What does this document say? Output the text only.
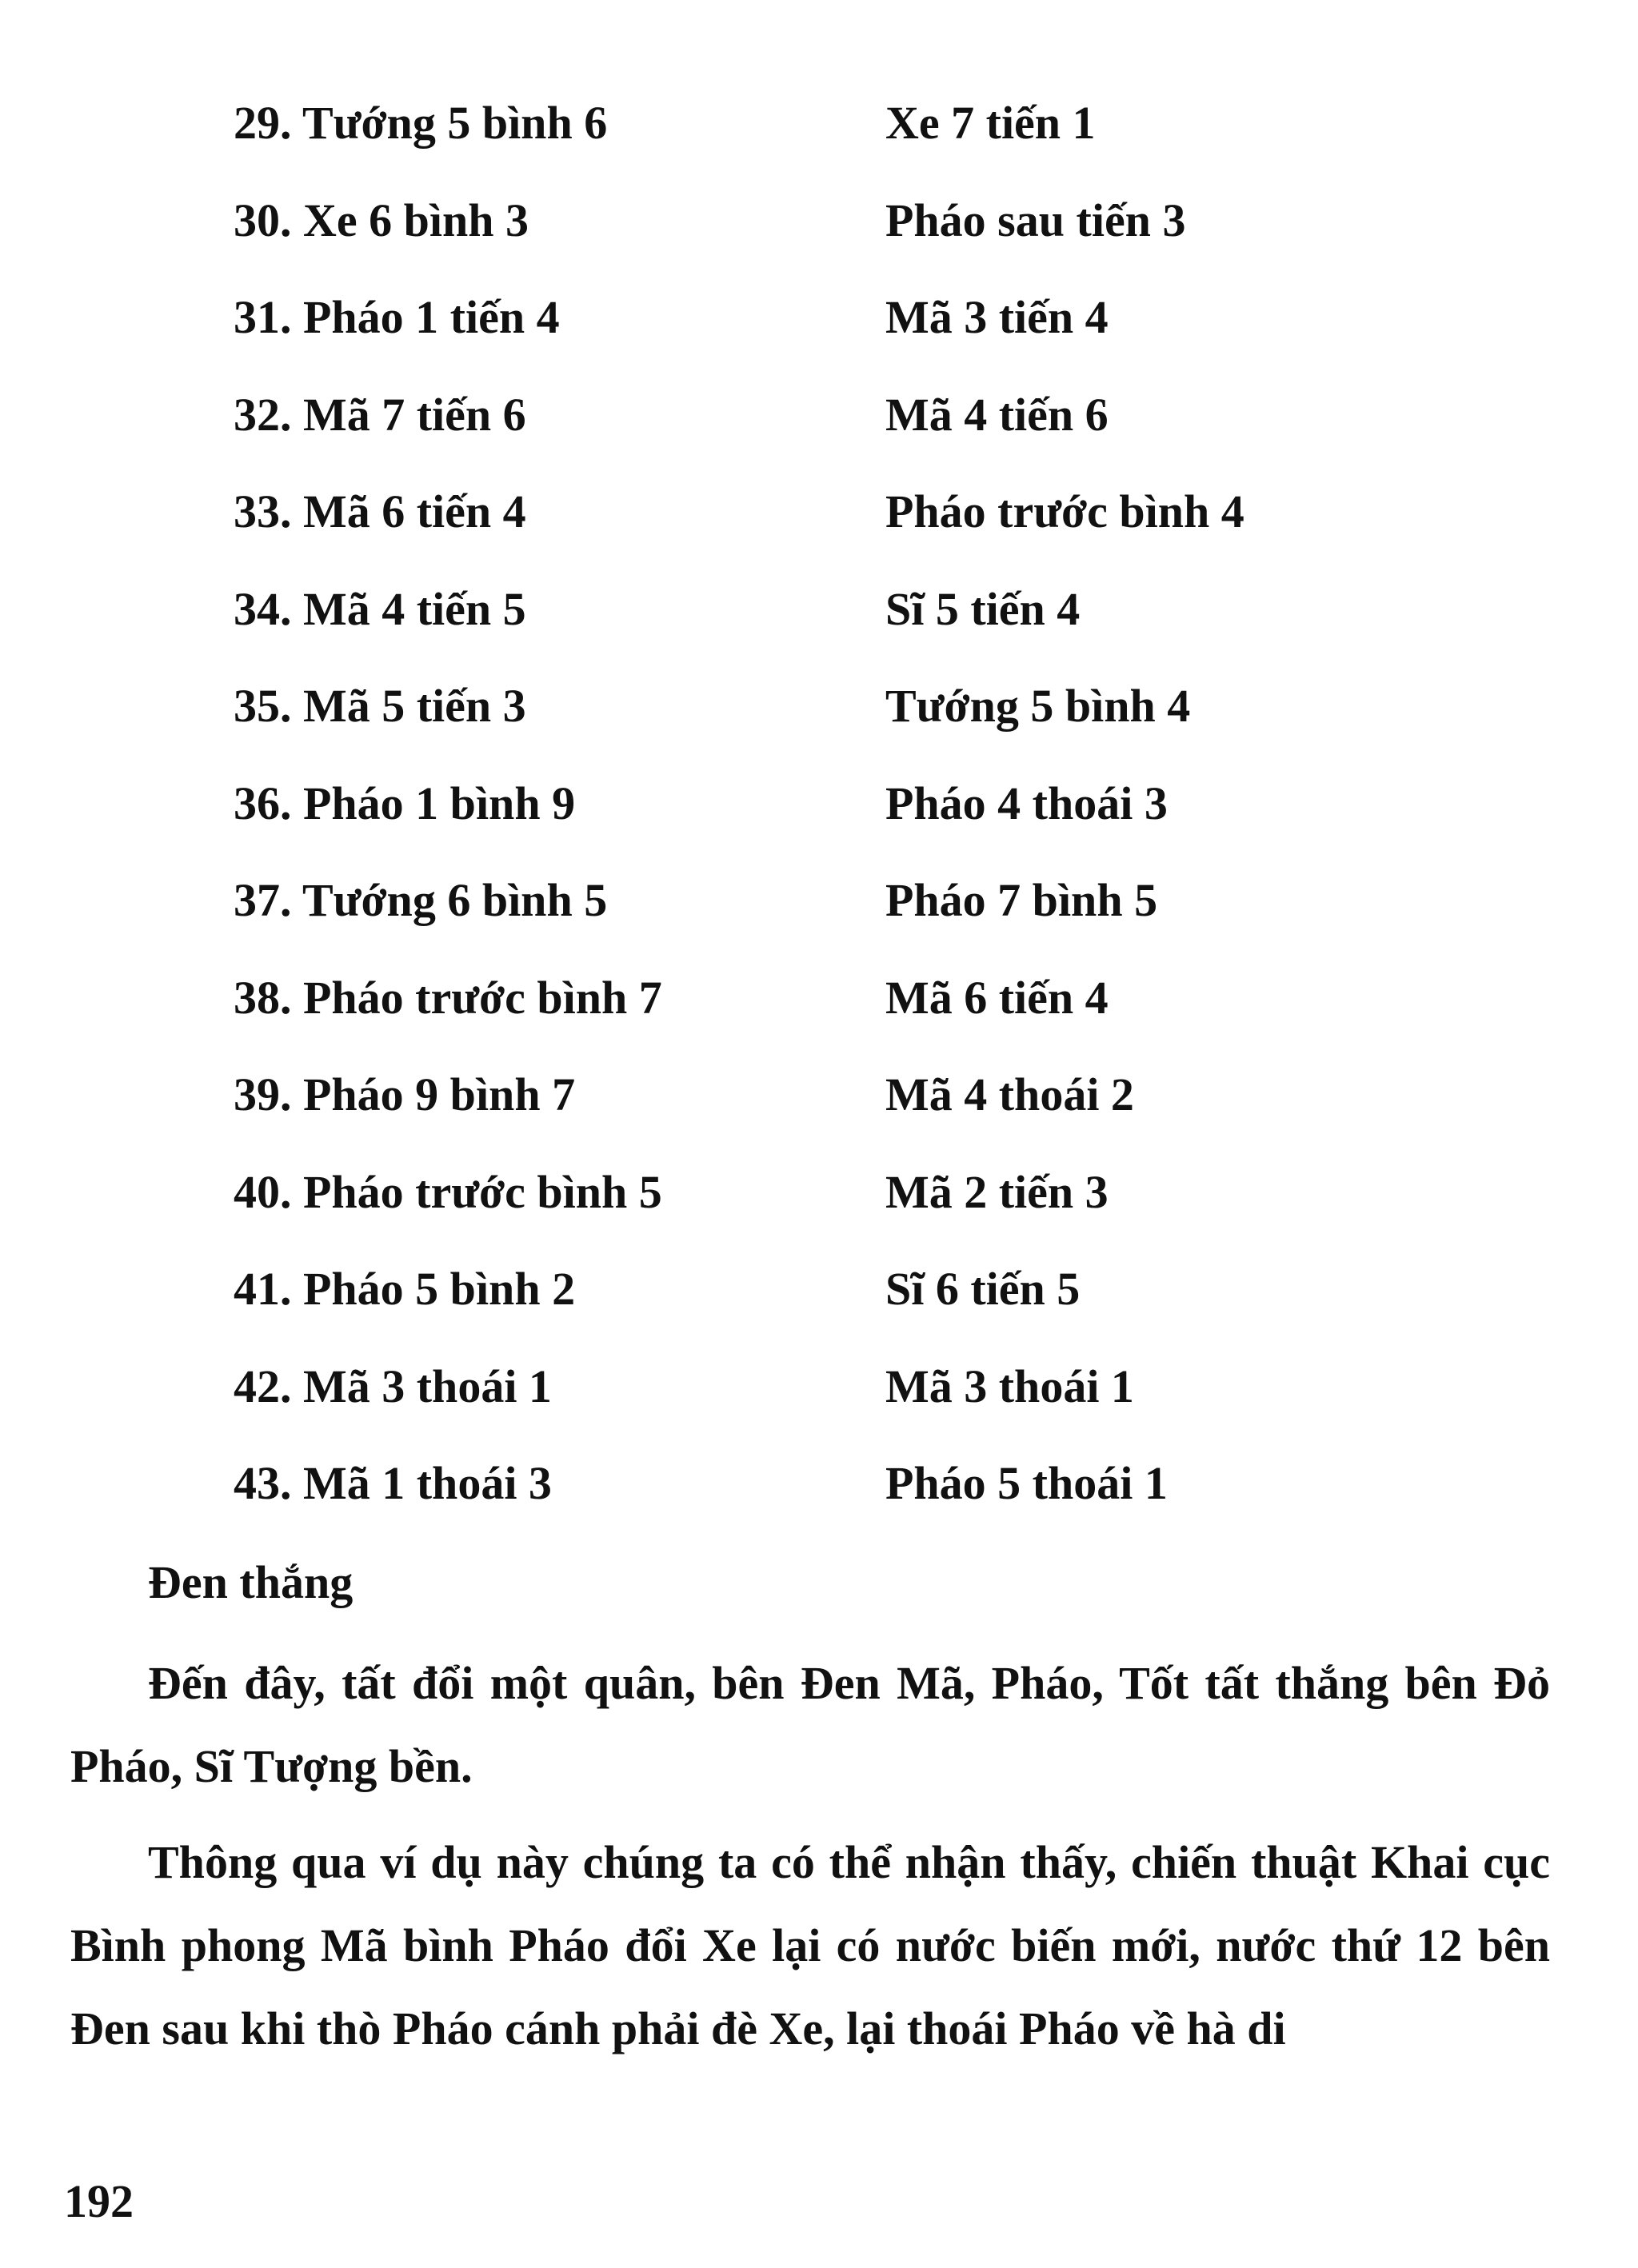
29. Tướng 5 bình 6	Xe 7 tiến 1
30. Xe 6 bình 3	Pháo sau tiến 3
31. Pháo 1 tiến 4	Mã 3 tiến 4
32. Mã 7 tiến 6	Mã 4 tiến 6
33. Mã 6 tiến 4	Pháo trước bình 4
34. Mã 4 tiến 5	Sĩ 5 tiến 4
35. Mã 5 tiến 3	Tướng 5 bình 4
36. Pháo 1 bình 9	Pháo 4 thoái 3
37. Tướng 6 bình 5	Pháo 7 bình 5
38. Pháo trước bình 7	Mã 6 tiến 4
39. Pháo 9 bình 7	Mã 4 thoái 2
40. Pháo trước bình 5	Mã 2 tiến 3
41. Pháo 5 bình 2	Sĩ 6 tiến 5
42. Mã 3 thoái 1	Mã 3 thoái 1
43. Mã 1 thoái 3	Pháo 5 thoái 1
Đen thắng

Đến đây, tất đổi một quân, bên Đen Mã, Pháo, Tốt tất thắng bên Đỏ Pháo, Sĩ Tượng bền.

Thông qua ví dụ này chúng ta có thể nhận thấy, chiến thuật Khai cục Bình phong Mã bình Pháo đổi Xe lại có nước biến mới, nước thứ 12 bên Đen sau khi thò Pháo cánh phải đè Xe, lại thoái Pháo về hà di

192
